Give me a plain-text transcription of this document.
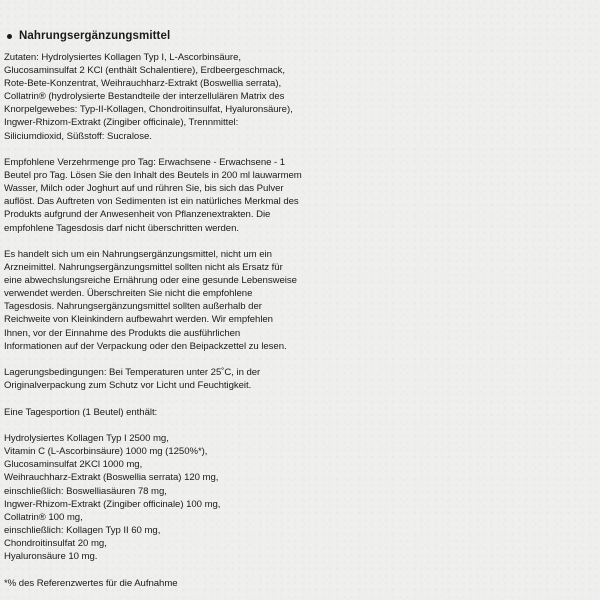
Nahrungsergänzungsmittel
Zutaten: Hydrolysiertes Kollagen Typ I, L-Ascorbinsäure,
Glucosaminsulfat 2 KCl (enthält Schalentiere), Erdbeergeschmack,
Rote-Bete-Konzentrat, Weihrauchharz-Extrakt (Boswellia serrata),
Collatrin® (hydrolysierte Bestandteile der interzellulären Matrix des
Knorpelgewebes: Typ-II-Kollagen, Chondroitinsulfat, Hyaluronsäure),
Ingwer-Rhizom-Extrakt (Zingiber officinale), Trennmittel:
Siliciumdioxid, Süßstoff: Sucralose.
Empfohlene Verzehrmenge pro Tag: Erwachsene - Erwachsene - 1
Beutel pro Tag. Lösen Sie den Inhalt des Beutels in 200 ml lauwarmem
Wasser, Milch oder Joghurt auf und rühren Sie, bis sich das Pulver
auflöst. Das Auftreten von Sedimenten ist ein natürliches Merkmal des
Produkts aufgrund der Anwesenheit von Pflanzenextrakten. Die
empfohlene Tagesdosis darf nicht überschritten werden.
Es handelt sich um ein Nahrungsergänzungsmittel, nicht um ein
Arzneimittel. Nahrungsergänzungsmittel sollten nicht als Ersatz für
eine abwechslungsreiche Ernährung oder eine gesunde Lebensweise
verwendet werden. Überschreiten Sie nicht die empfohlene
Tagesdosis. Nahrungsergänzungsmittel sollten außerhalb der
Reichweite von Kleinkindern aufbewahrt werden. Wir empfehlen
Ihnen, vor der Einnahme des Produkts die ausführlichen
Informationen auf der Verpackung oder den Beipackzettel zu lesen.
Lagerungsbedingungen: Bei Temperaturen unter 25˚C, in der
Originalverpackung zum Schutz vor Licht und Feuchtigkeit.
Eine Tagesportion (1 Beutel) enthält:
Hydrolysiertes Kollagen Typ I 2500 mg,
Vitamin C (L-Ascorbinsäure) 1000 mg (1250%*),
Glucosaminsulfat 2KCl 1000 mg,
Weihrauchharz-Extrakt (Boswellia serrata) 120 mg,
einschließlich: Boswelliasäuren 78 mg,
Ingwer-Rhizom-Extrakt (Zingiber officinale) 100 mg,
Collatrin® 100 mg,
einschließlich: Kollagen Typ II 60 mg,
Chondroitinsulfat 20 mg,
Hyaluronsäure 10 mg.
*% des Referenzwertes für die Aufnahme
